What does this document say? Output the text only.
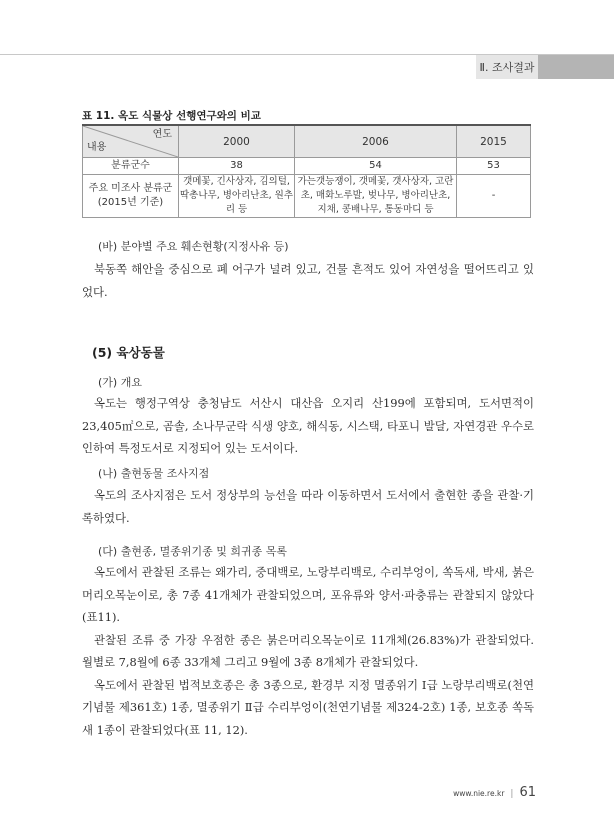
Ⅱ. 조사결과
표 11. 옥도 식물상 선행연구와의 비교
연도
내용	2000	2006	2015
분류군수	38	54	53

주요 미조사 분류군
(2015년 기준)	갯메꽃, 긴사상자, 김의털, 딱총나무, 병아리난초, 원추리 등	가는갯능쟁이, 갯메꽃, 갯사상자, 고란초, 매화노루발, 벚나무, 병아리난초, 지채, 콩배나무, 통동마디 등	-
(바) 분야별 주요 훼손현황(지정사유 등)

북동쪽 해안을 중심으로 폐 어구가 널려 있고, 건물 흔적도 있어 자연성을 떨어뜨리고 있었다.

(5) 육상동물
(가) 개요

옥도는 행정구역상 충청남도 서산시 대산읍 오지리 산199에 포함되며, 도서면적이 23,405㎡으로, 곰솔, 소나무군락 식생 양호, 해식동, 시스택, 타포니 발달, 자연경관 우수로 인하여 특정도서로 지정되어 있는 도서이다.

(나) 출현동물 조사지점

옥도의 조사지점은 도서 정상부의 능선을 따라 이동하면서 도서에서 출현한 종을 관찰·기록하였다.

(다) 출현종, 멸종위기종 및 희귀종 목록

옥도에서 관찰된 조류는 왜가리, 중대백로, 노랑부리백로, 수리부엉이, 쏙독새, 박새, 붉은머리오목눈이로, 총 7종 41개체가 관찰되었으며, 포유류와 양서·파충류는 관찰되지 않았다(표11).

관찰된 조류 중 가장 우점한 종은 붉은머리오목눈이로 11개체(26.83%)가 관찰되었다. 월별로 7,8월에 6종 33개체 그리고 9월에 3종 8개체가 관찰되었다.

옥도에서 관찰된 법적보호종은 총 3종으로, 환경부 지정 멸종위기 Ⅰ급 노랑부리백로(천연기념물 제361호) 1종, 멸종위기 Ⅱ급 수리부엉이(천연기념물 제324-2호) 1종, 보호종 쏙독새 1종이 관찰되었다(표 11, 12).

www.nie.re.kr | 61
